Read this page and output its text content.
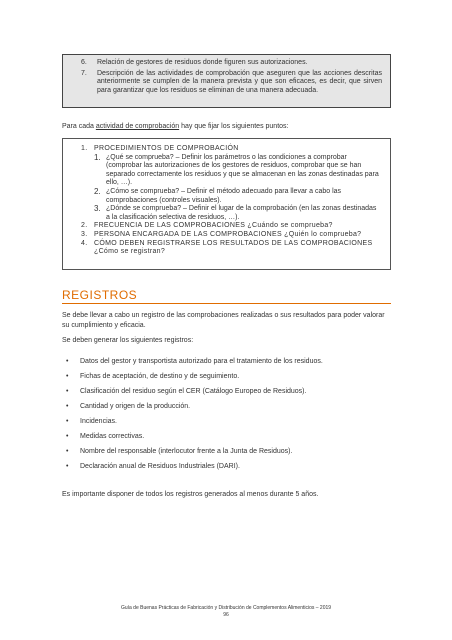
6.	Relación de gestores de residuos donde figuren sus autorizaciones.
7.	Descripción de las actividades de comprobación que aseguren que las acciones descritas anteriormente se cumplen de la manera prevista y que son eficaces, es decir, que sirven para garantizar que los residuos se eliminan de una manera adecuada.
Para cada actividad de comprobación hay que fijar los siguientes puntos:
1. PROCEDIMIENTOS DE COMPROBACIÓN
1. ¿Qué se comprueba? – Definir los parámetros o las condiciones a comprobar (comprobar las autorizaciones de los gestores de residuos, comprobar que se han separado correctamente los residuos y que se almacenan en las zonas destinadas para ello, …).
2. ¿Cómo se comprueba? – Definir el método adecuado para llevar a cabo las comprobaciones (controles visuales).
3. ¿Dónde se comprueba? – Definir el lugar de la comprobación (en las zonas destinadas a la clasificación selectiva de residuos, …).
2. FRECUENCIA DE LAS COMPROBACIONES ¿Cuándo se comprueba?
3. PERSONA ENCARGADA DE LAS COMPROBACIONES ¿Quién lo comprueba?
4. CÓMO DEBEN REGISTRARSE LOS RESULTADOS DE LAS COMPROBACIONES ¿Cómo se registran?
REGISTROS
Se debe llevar a cabo un registro de las comprobaciones realizadas o sus resultados para poder valorar su cumplimiento y eficacia.
Se deben generar los siguientes registros:
•	Datos del gestor y transportista autorizado para el tratamiento de los residuos.
•	Fichas de aceptación, de destino y de seguimiento.
•	Clasificación del residuo según el CER (Catálogo Europeo de Residuos).
•	Cantidad y origen de la producción.
•	Incidencias.
•	Medidas correctivas.
•	Nombre del responsable (interlocutor frente a la Junta de Residuos).
•	Declaración anual de Residuos Industriales (DARI).
Es importante disponer de todos los registros generados al menos durante 5 años.
Guía de Buenas Prácticas de Fabricación y Distribución de Complementos Alimenticios – 2019
96
